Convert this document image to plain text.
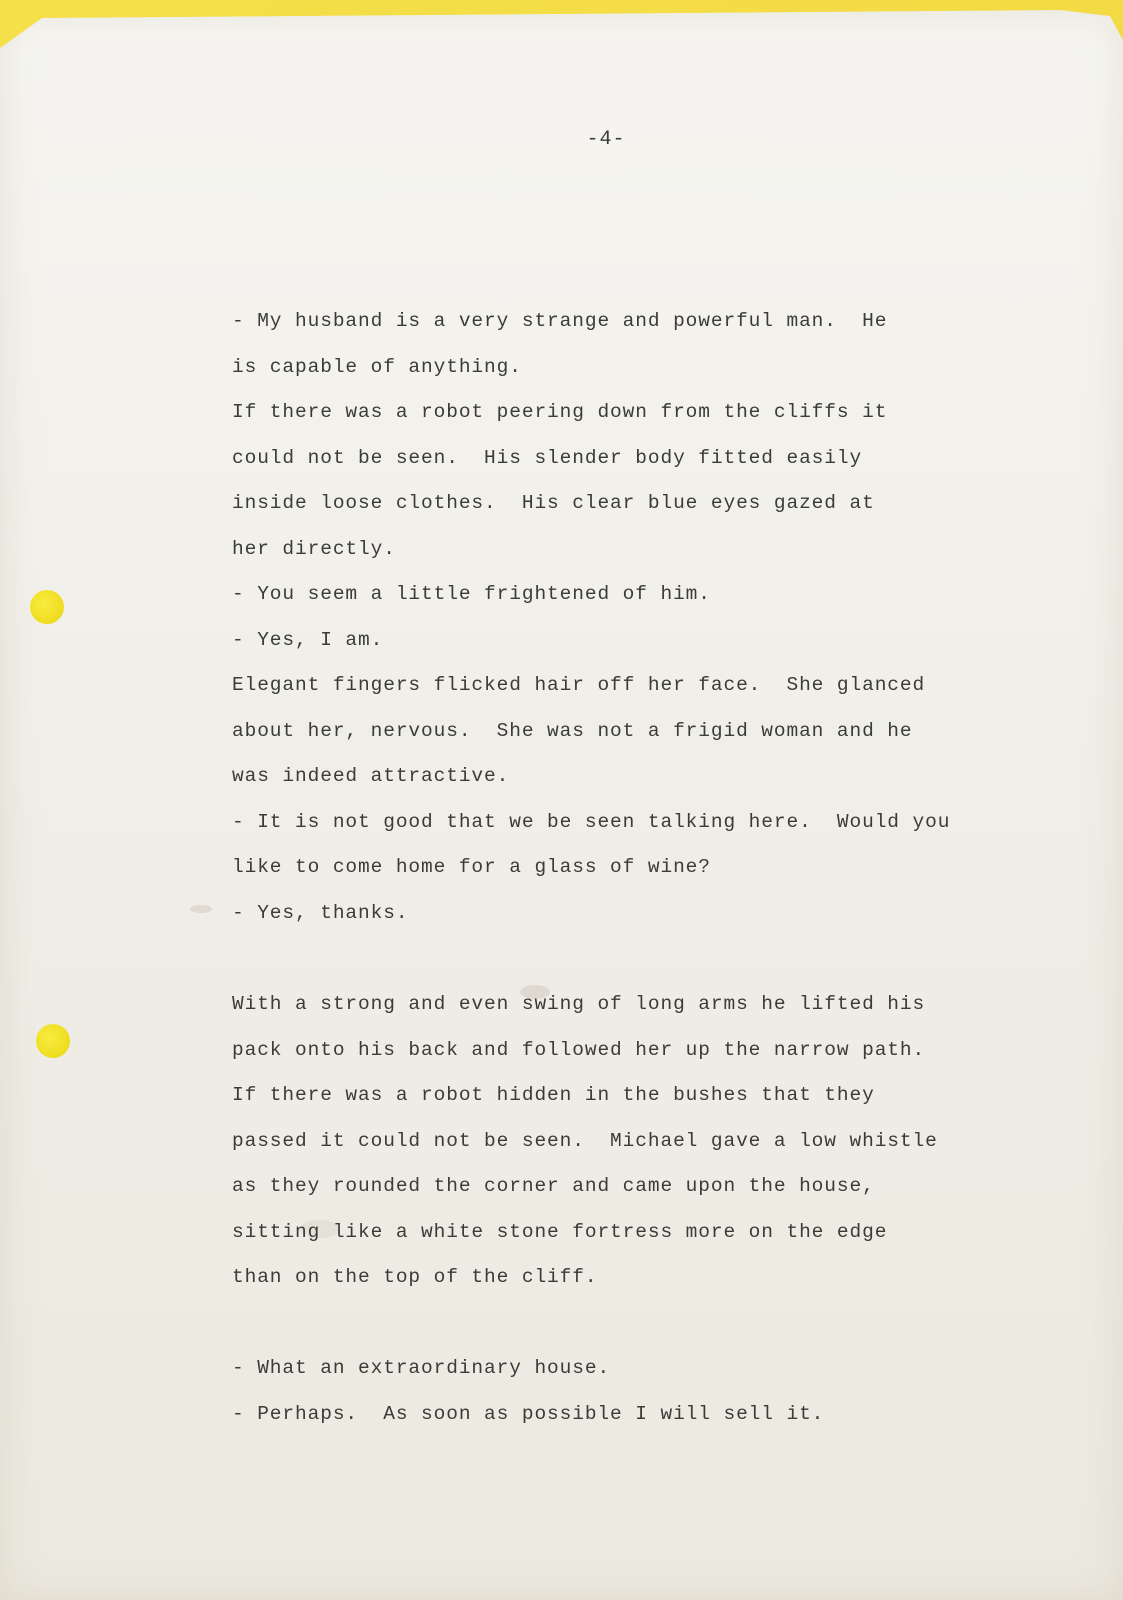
-4-
- My husband is a very strange and powerful man.  He
is capable of anything.
If there was a robot peering down from the cliffs it
could not be seen.  His slender body fitted easily
inside loose clothes.  His clear blue eyes gazed at
her directly.
- You seem a little frightened of him.
- Yes, I am.
Elegant fingers flicked hair off her face.  She glanced
about her, nervous.  She was not a frigid woman and he
was indeed attractive.
- It is not good that we be seen talking here.  Would you
like to come home for a glass of wine?
- Yes, thanks.
With a strong and even swing of long arms he lifted his
pack onto his back and followed her up the narrow path.
If there was a robot hidden in the bushes that they
passed it could not be seen.  Michael gave a low whistle
as they rounded the corner and came upon the house,
sitting like a white stone fortress more on the edge
than on the top of the cliff.
- What an extraordinary house.
- Perhaps.  As soon as possible I will sell it.
